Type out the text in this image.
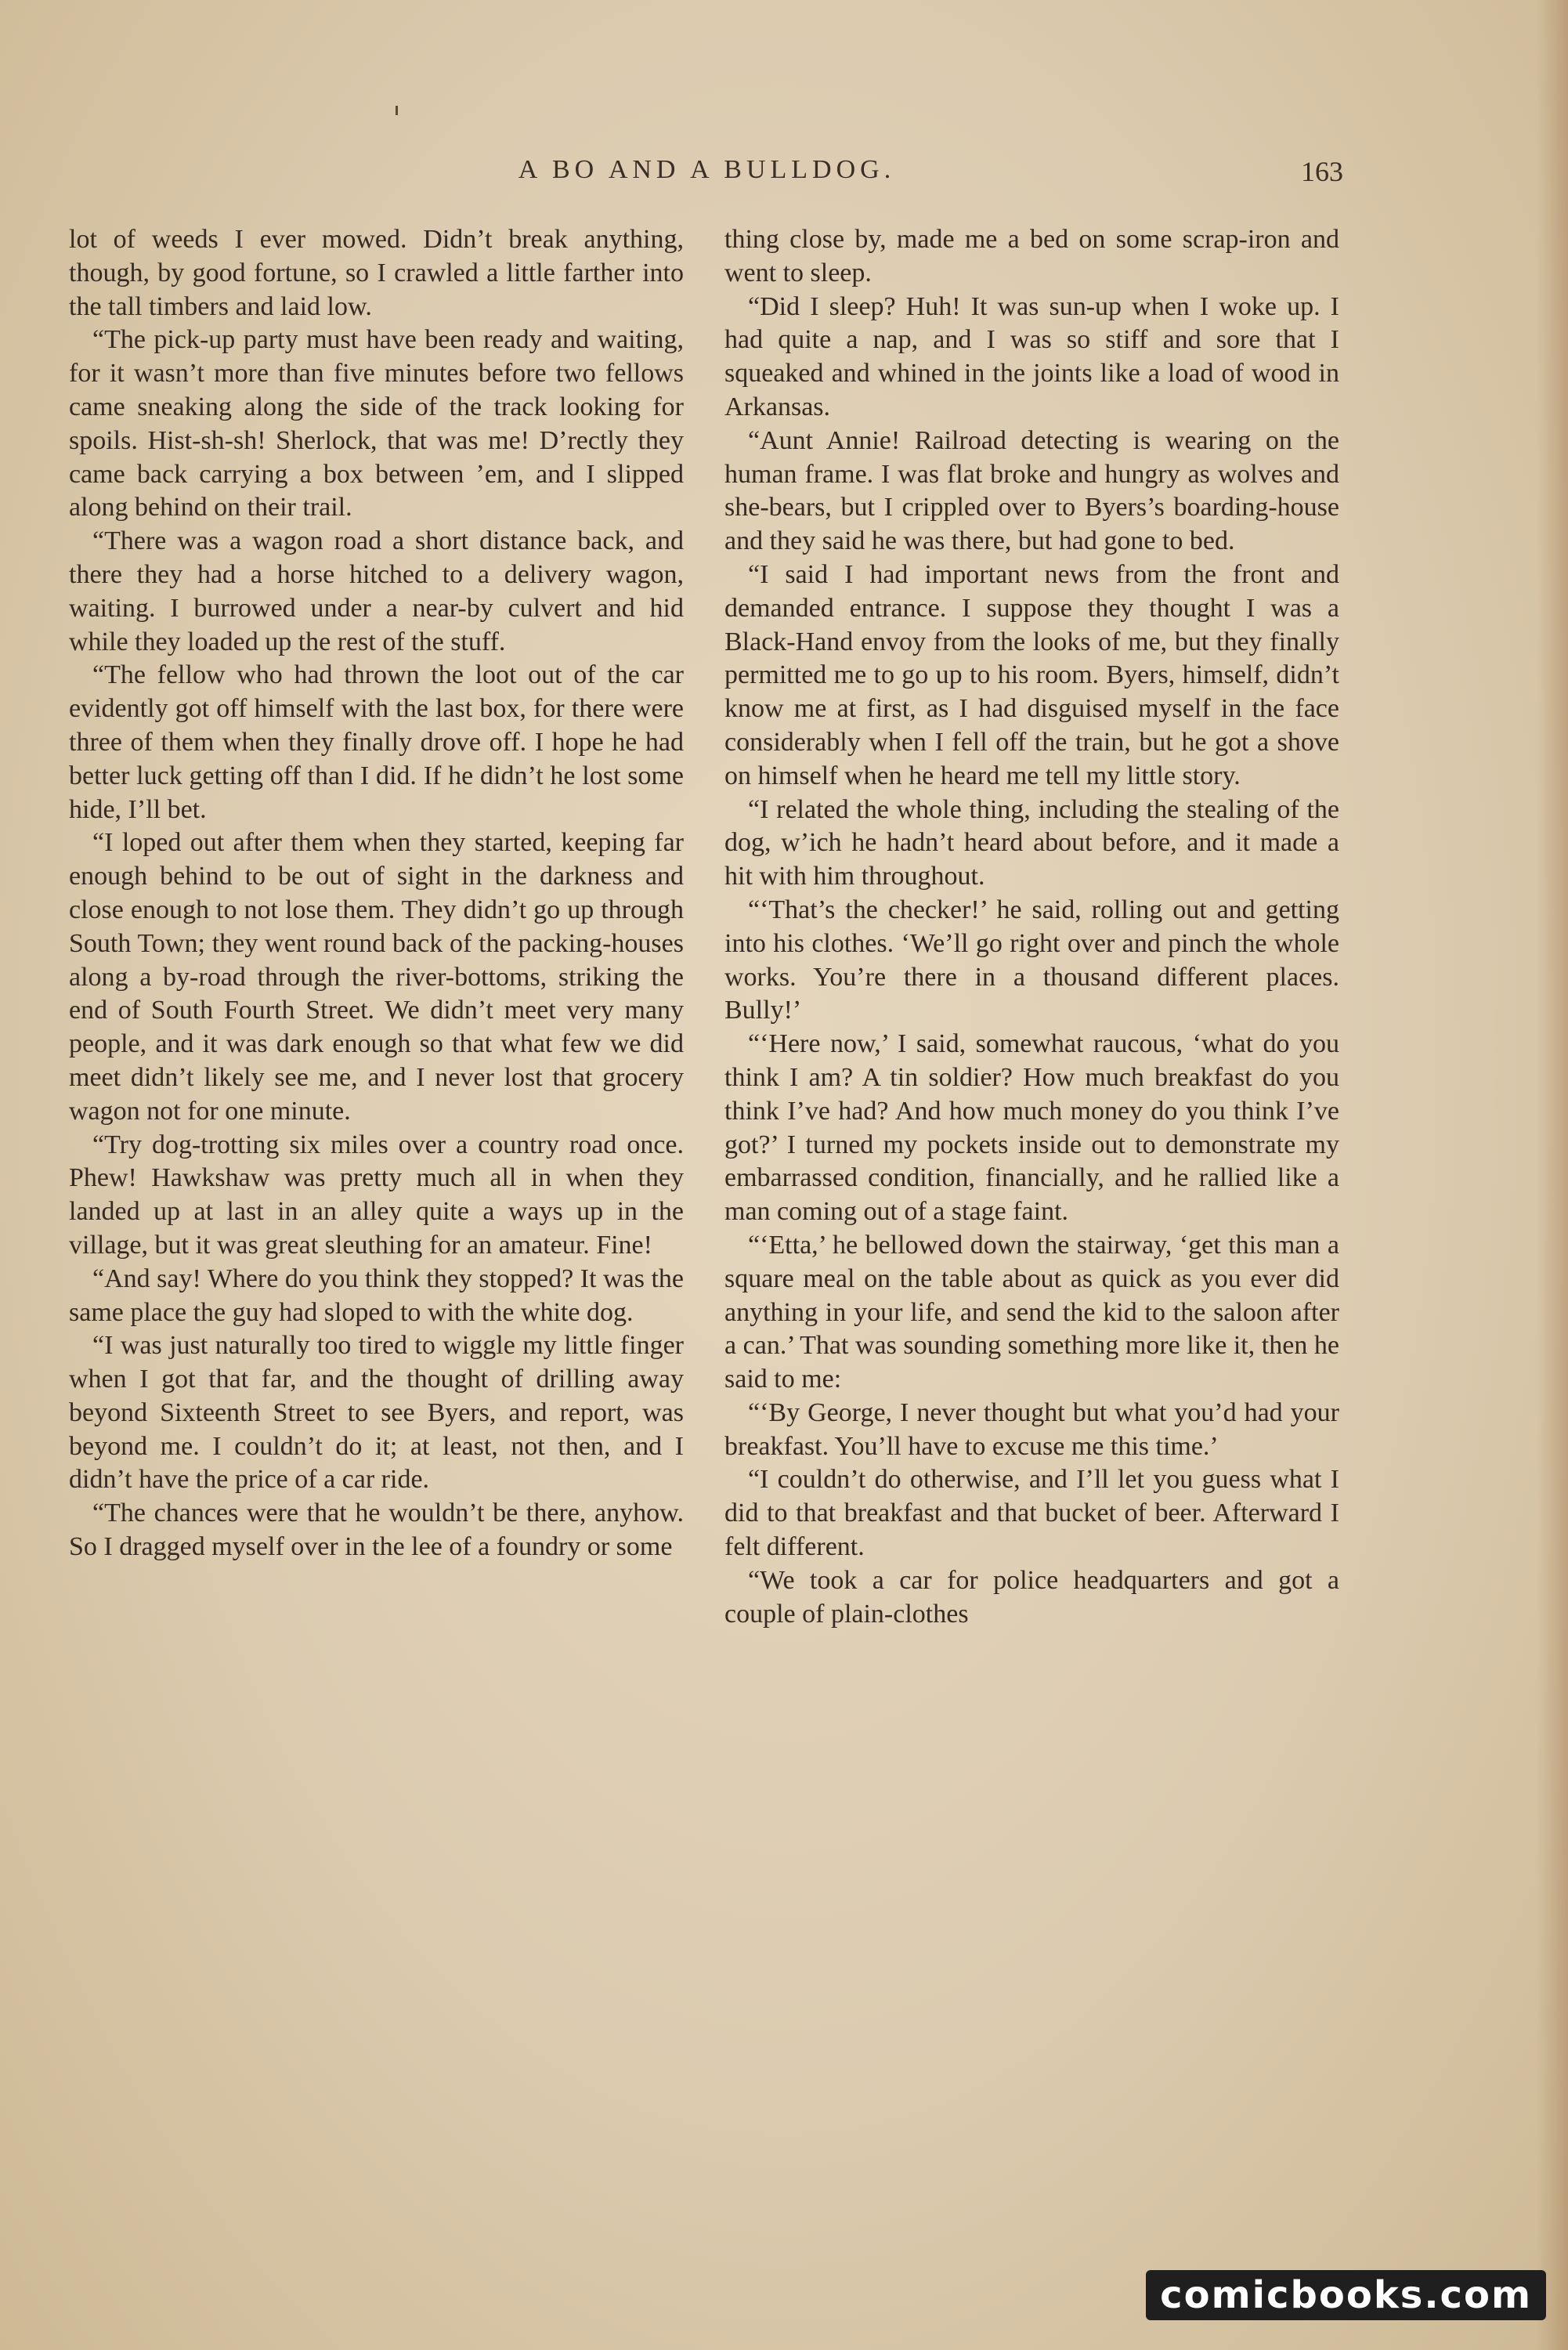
A BO AND A BULLDOG.	163

lot of weeds I ever mowed. Didn’t break anything, though, by good fortune, so I crawled a little farther into the tall timbers and laid low.

“The pick-up party must have been ready and waiting, for it wasn’t more than five minutes before two fellows came sneaking along the side of the track looking for spoils. Hist-sh-sh! Sherlock, that was me! D’rectly they came back carrying a box between ’em, and I slipped along behind on their trail.

“There was a wagon road a short distance back, and there they had a horse hitched to a delivery wagon, waiting. I burrowed under a near-by culvert and hid while they loaded up the rest of the stuff.

“The fellow who had thrown the loot out of the car evidently got off himself with the last box, for there were three of them when they finally drove off. I hope he had better luck getting off than I did. If he didn’t he lost some hide, I’ll bet.

“I loped out after them when they started, keeping far enough behind to be out of sight in the darkness and close enough to not lose them. They didn’t go up through South Town; they went round back of the packing-houses along a by-road through the river-bottoms, striking the end of South Fourth Street. We didn’t meet very many people, and it was dark enough so that what few we did meet didn’t likely see me, and I never lost that grocery wagon not for one minute.

“Try dog-trotting six miles over a country road once. Phew! Hawkshaw was pretty much all in when they landed up at last in an alley quite a ways up in the village, but it was great sleuthing for an amateur. Fine!

“And say! Where do you think they stopped? It was the same place the guy had sloped to with the white dog.

“I was just naturally too tired to wiggle my little finger when I got that far, and the thought of drilling away beyond Sixteenth Street to see Byers, and report, was beyond me. I couldn’t do it; at least, not then, and I didn’t have the price of a car ride.

“The chances were that he wouldn’t be there, anyhow. So I dragged myself over in the lee of a foundry or some

thing close by, made me a bed on some scrap-iron and went to sleep.

“Did I sleep? Huh! It was sun-up when I woke up. I had quite a nap, and I was so stiff and sore that I squeaked and whined in the joints like a load of wood in Arkansas.

“Aunt Annie! Railroad detecting is wearing on the human frame. I was flat broke and hungry as wolves and she-bears, but I crippled over to Byers’s boarding-house and they said he was there, but had gone to bed.

“I said I had important news from the front and demanded entrance. I suppose they thought I was a Black-Hand envoy from the looks of me, but they finally permitted me to go up to his room. Byers, himself, didn’t know me at first, as I had disguised myself in the face considerably when I fell off the train, but he got a shove on himself when he heard me tell my little story.

“I related the whole thing, including the stealing of the dog, w’ich he hadn’t heard about before, and it made a hit with him throughout.

“‘That’s the checker!’ he said, rolling out and getting into his clothes. ‘We’ll go right over and pinch the whole works. You’re there in a thousand different places. Bully!’

“‘Here now,’ I said, somewhat raucous, ‘what do you think I am? A tin soldier? How much breakfast do you think I’ve had? And how much money do you think I’ve got?’ I turned my pockets inside out to demonstrate my embarrassed condition, financially, and he rallied like a man coming out of a stage faint.

“‘Etta,’ he bellowed down the stairway, ‘get this man a square meal on the table about as quick as you ever did anything in your life, and send the kid to the saloon after a can.’ That was sounding something more like it, then he said to me:

“‘By George, I never thought but what you’d had your breakfast. You’ll have to excuse me this time.’

“I couldn’t do otherwise, and I’ll let you guess what I did to that breakfast and that bucket of beer. Afterward I felt different.

“We took a car for police headquarters and got a couple of plain-clothes

comicbooks.com
